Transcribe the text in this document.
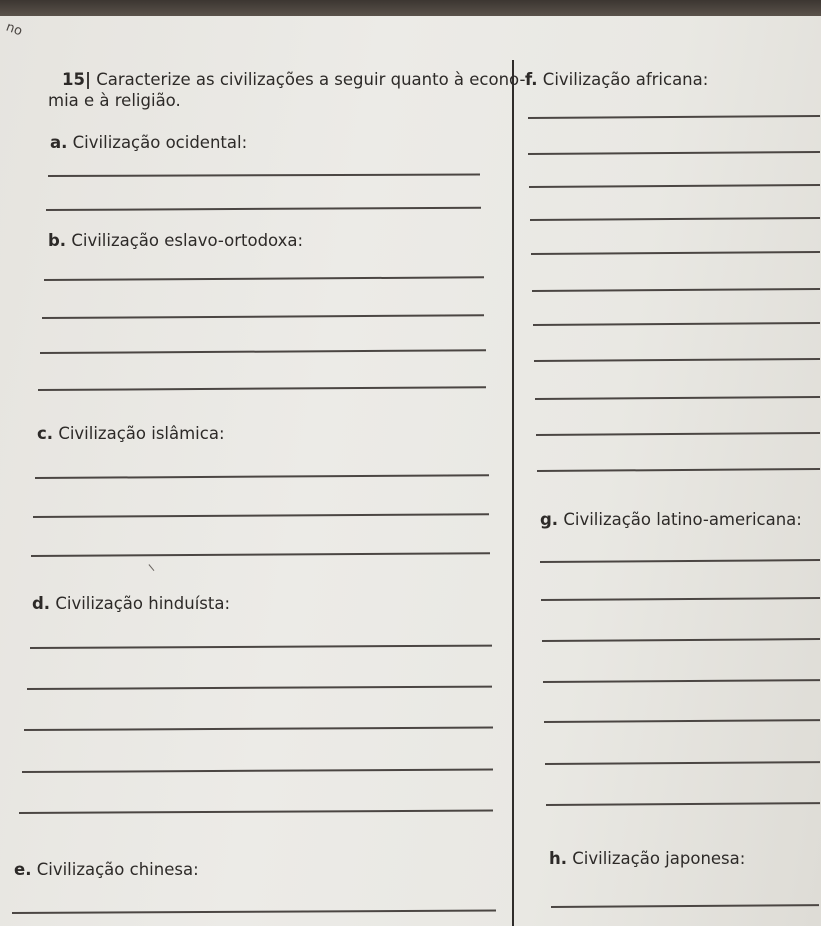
no
15| Caracterize as civilizações a seguir quanto à econo-
mia e à religião.
a. Civilização ocidental:
b. Civilização eslavo-ortodoxa:
c. Civilização islâmica:
d. Civilização hinduísta:
e. Civilização chinesa:
f. Civilização africana:
g. Civilização latino-americana:
h. Civilização japonesa:
